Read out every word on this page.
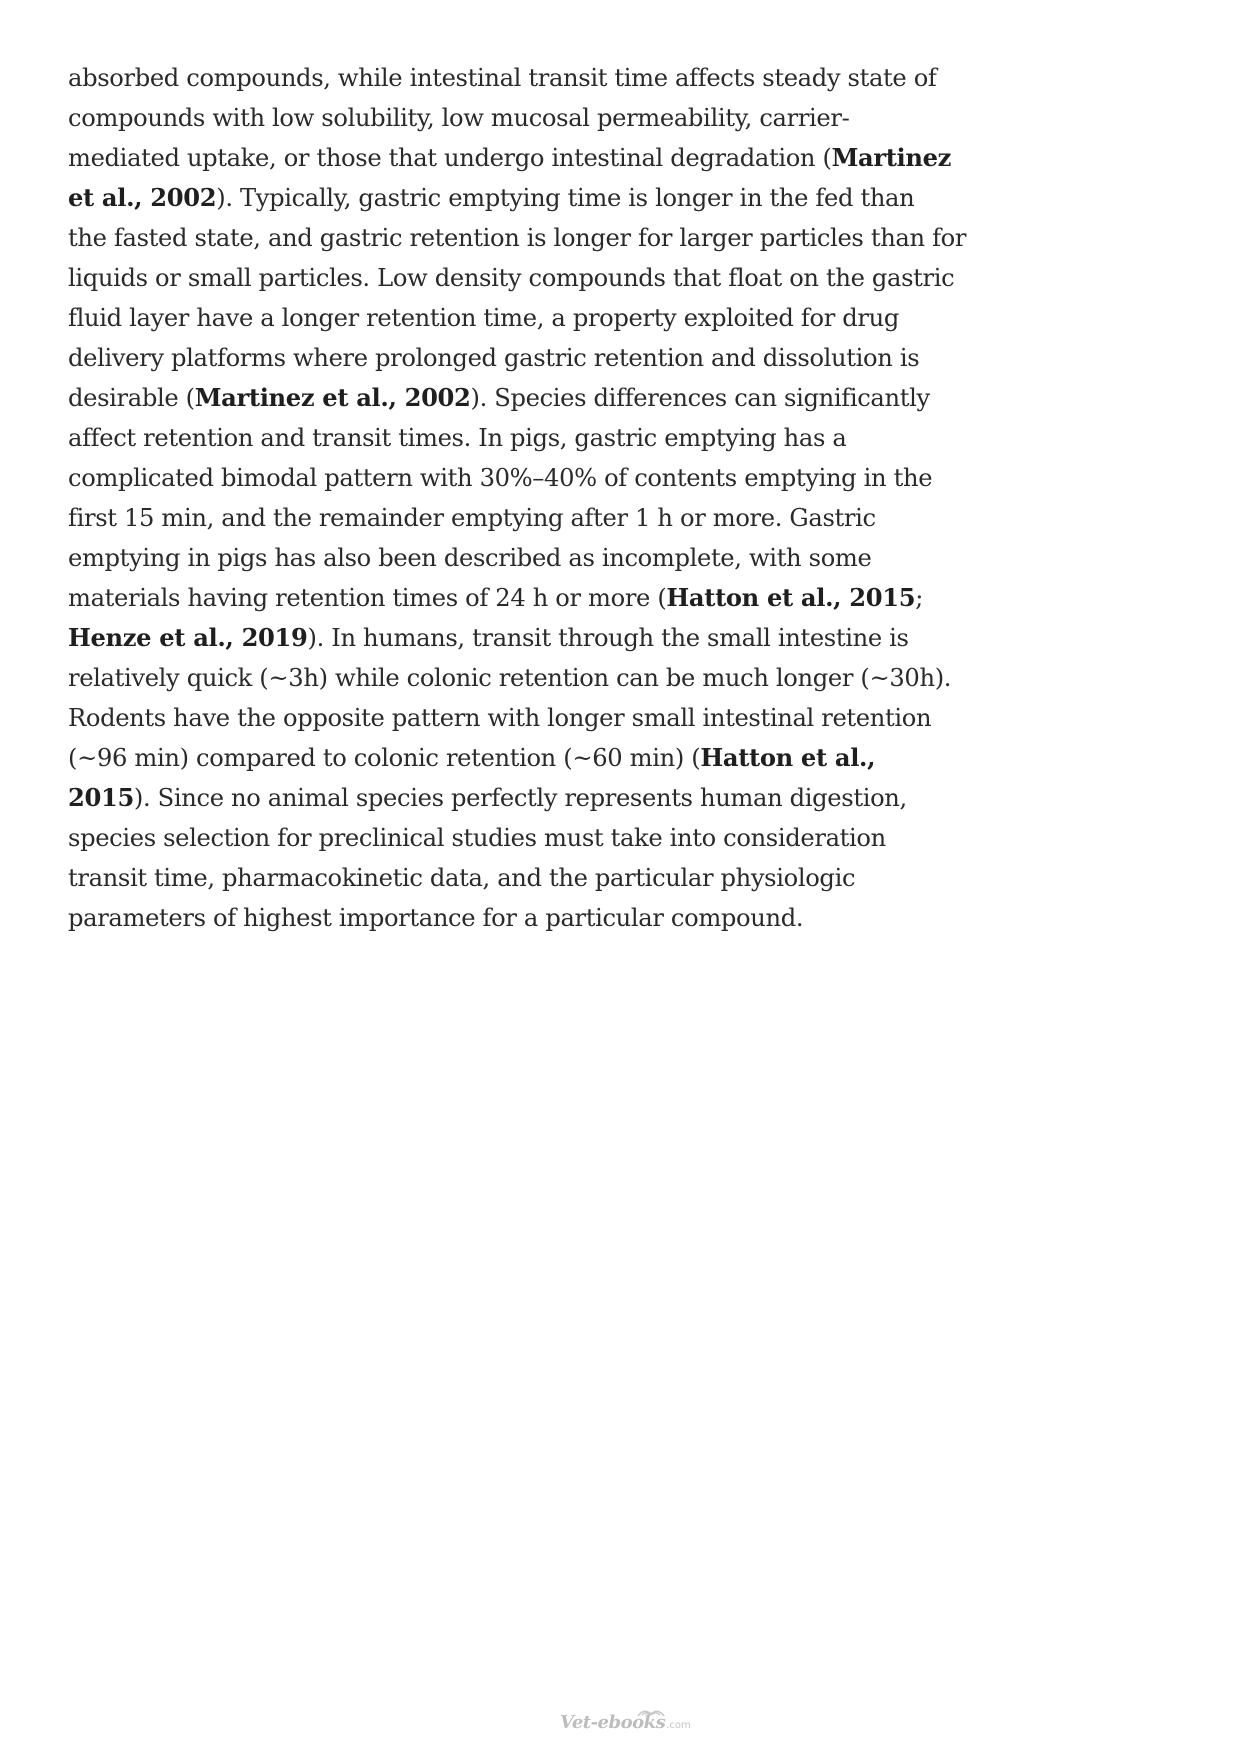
absorbed compounds, while intestinal transit time affects steady state of
compounds with low solubility, low mucosal permeability, carrier-
mediated uptake, or those that undergo intestinal degradation (Martinez
et al., 2002). Typically, gastric emptying time is longer in the fed than
the fasted state, and gastric retention is longer for larger particles than for
liquids or small particles. Low density compounds that float on the gastric
fluid layer have a longer retention time, a property exploited for drug
delivery platforms where prolonged gastric retention and dissolution is
desirable (Martinez et al., 2002). Species differences can significantly
affect retention and transit times. In pigs, gastric emptying has a
complicated bimodal pattern with 30%–40% of contents emptying in the
first 15 min, and the remainder emptying after 1 h or more. Gastric
emptying in pigs has also been described as incomplete, with some
materials having retention times of 24 h or more (Hatton et al., 2015;
Henze et al., 2019). In humans, transit through the small intestine is
relatively quick (~3h) while colonic retention can be much longer (~30h).
Rodents have the opposite pattern with longer small intestinal retention
(~96 min) compared to colonic retention (~60 min) (Hatton et al.,
2015). Since no animal species perfectly represents human digestion,
species selection for preclinical studies must take into consideration
transit time, pharmacokinetic data, and the particular physiologic
parameters of highest importance for a particular compound.
Vet-ebooks .com
